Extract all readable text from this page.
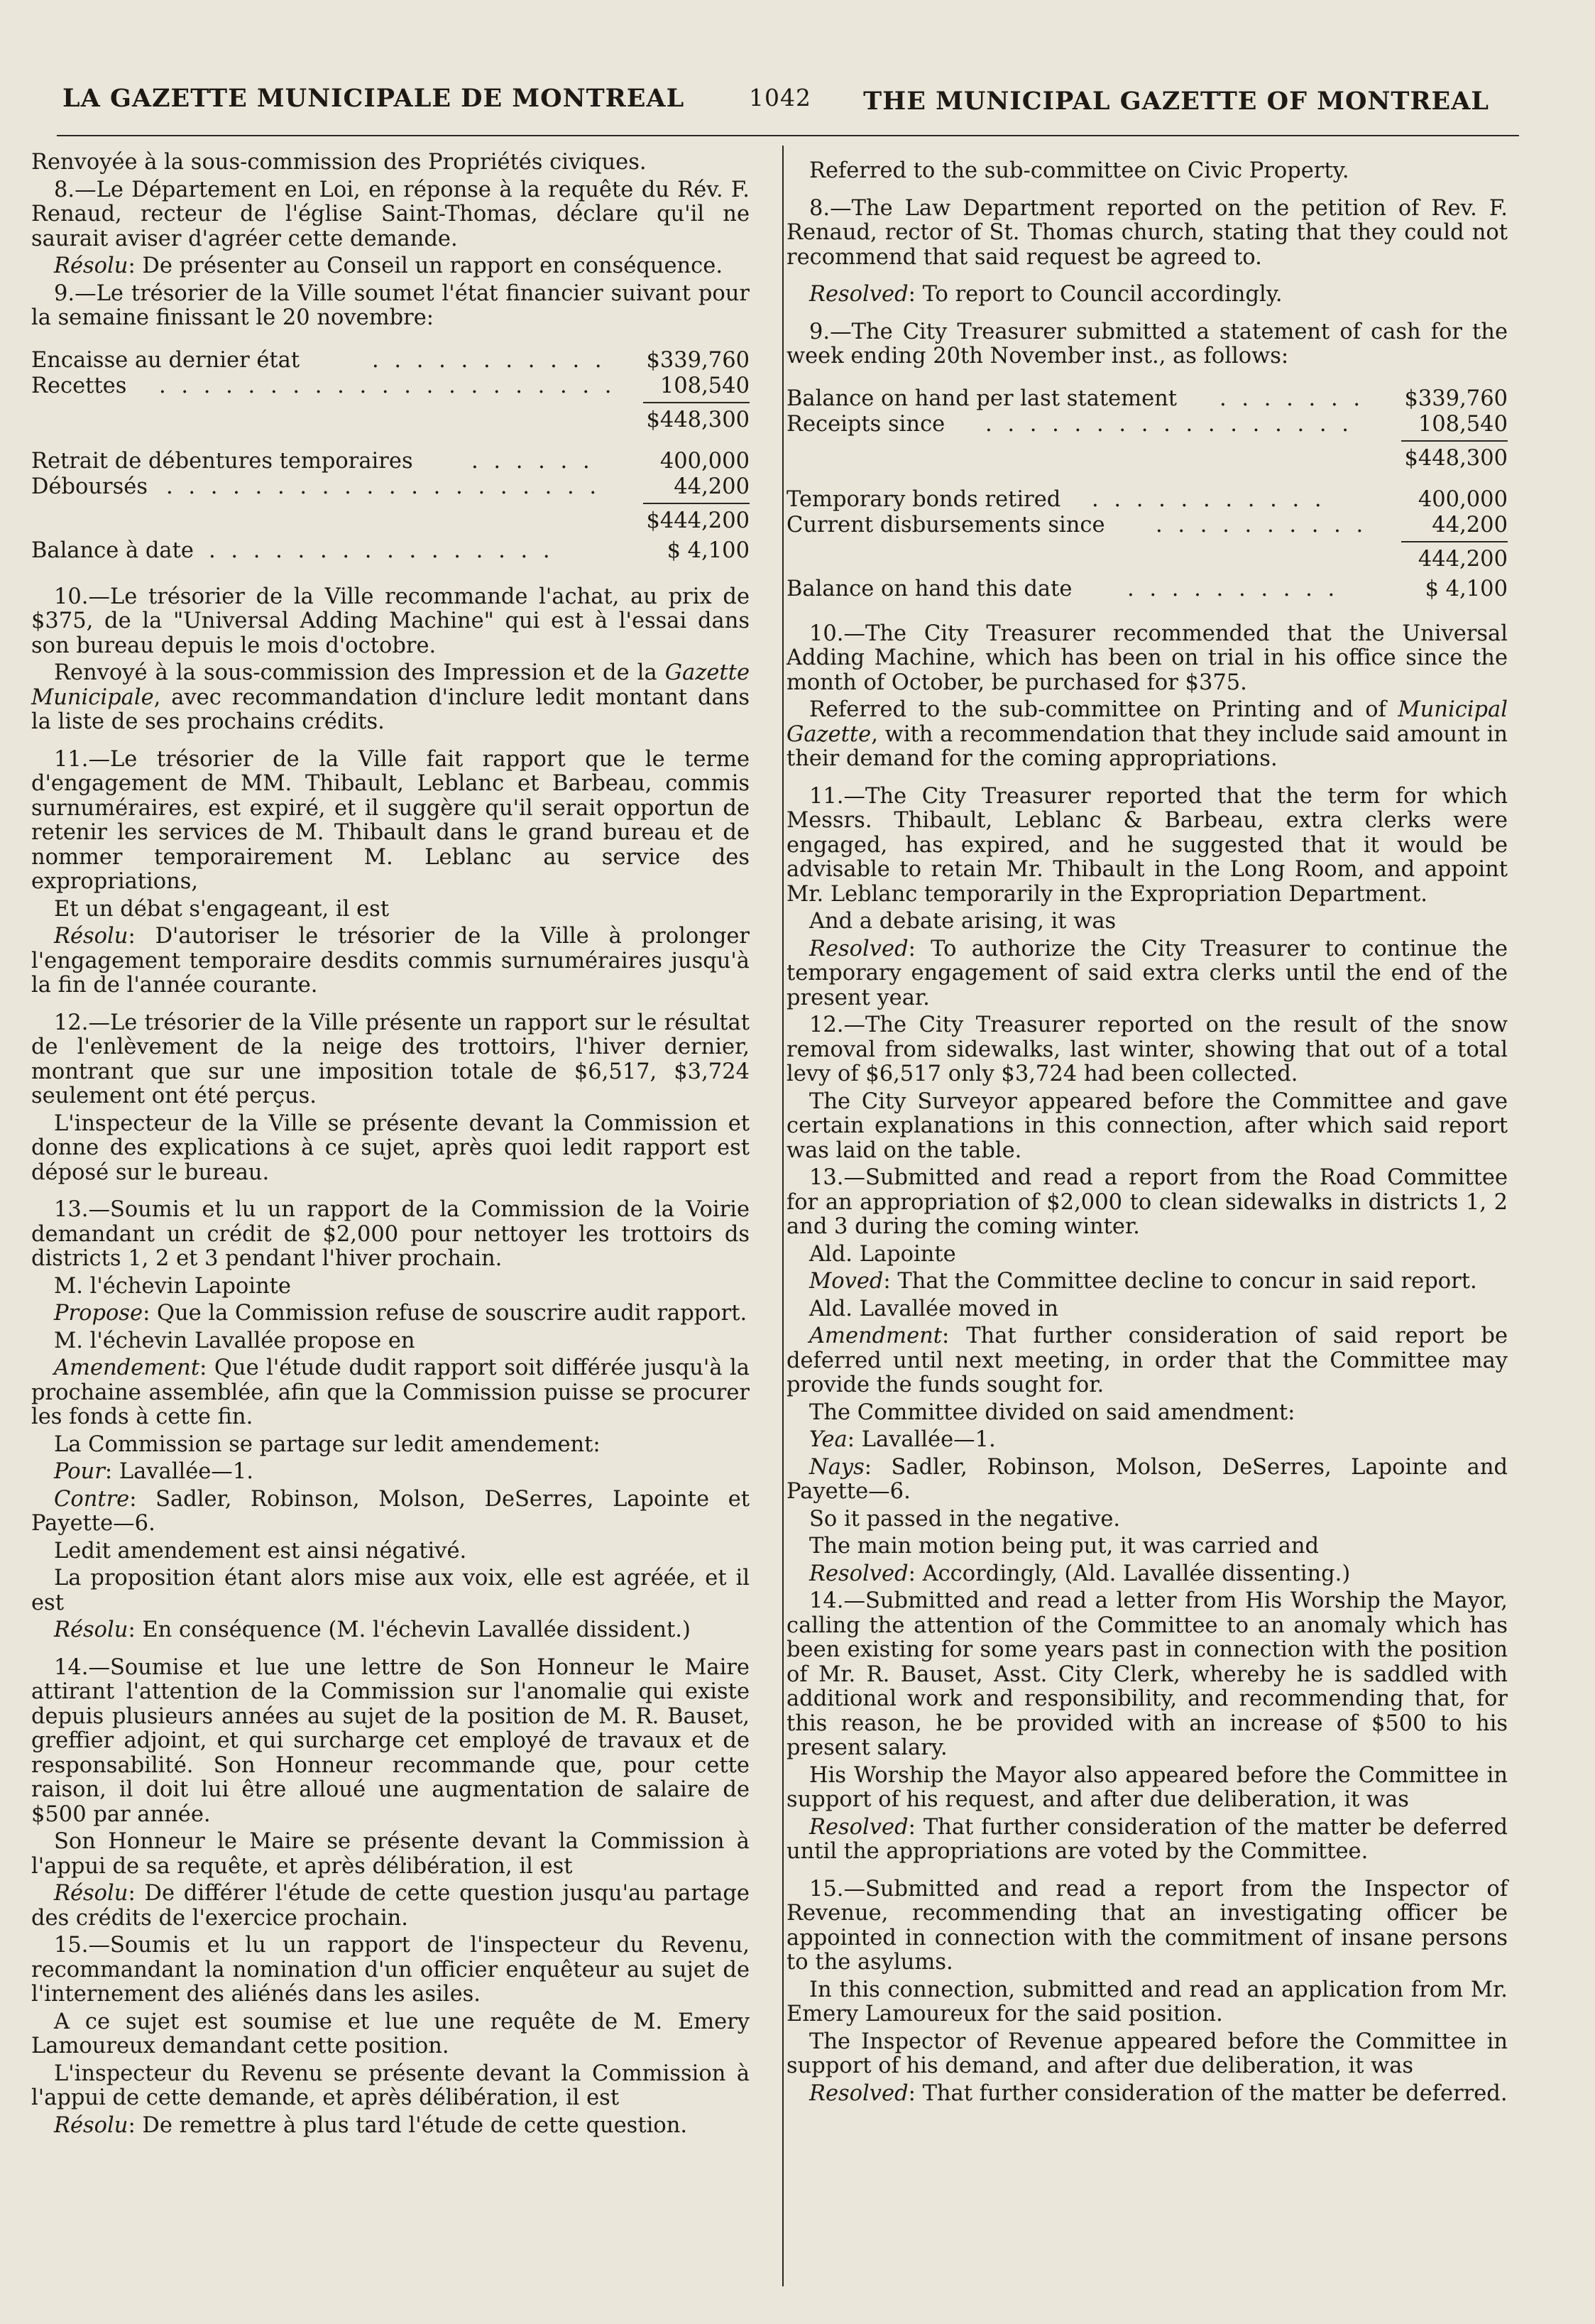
LA GAZETTE MUNICIPALE DE MONTREAL	1042 THE MUNICIPAL GAZETTE OF MONTREAL

Renvoyée à la sous-commission des Propriétés civiques.

8.—Le Département en Loi, en réponse à la requête du Rév. F. Renaud, recteur de l'église Saint-Thomas, déclare qu'il ne saurait aviser d'agréer cette demande.

Résolu: De présenter au Conseil un rapport en conséquence.

9.—Le trésorier de la Ville soumet l'état financier suivant pour la semaine finissant le 20 novembre:

Encaisse au dernier état	. . . . . . . . . . .	$339,760
Recettes . . . . . . . . . . . . . . . . . . . . .	108,540
$448,300
Retrait de débentures temporaires	. . . . . .	400,000
Déboursés . . . . . . . . . . . . . . . . . . . .	44,200
$444,200
Balance à date . . . . . . . . . . . . . . . .	$ 4,100

10.—Le trésorier de la Ville recommande l'achat, au prix de $375, de la "Universal Adding Machine" qui est à l'essai dans son bureau depuis le mois d'octobre.

Renvoyé à la sous-commission des Impression et de la Gazette Municipale, avec recommandation d'inclure ledit montant dans la liste de ses prochains crédits.

11.—Le trésorier de la Ville fait rapport que le terme d'engagement de MM. Thibault, Leblanc et Barbeau, commis surnuméraires, est expiré, et il suggère qu'il serait opportun de retenir les services de M. Thibault dans le grand bureau et de nommer temporairement M. Leblanc au service des expropriations,

Et un débat s'engageant, il est

Résolu: D'autoriser le trésorier de la Ville à prolonger l'engagement temporaire desdits commis surnuméraires jusqu'à la fin de l'année courante.

12.—Le trésorier de la Ville présente un rapport sur le résultat de l'enlèvement de la neige des trottoirs, l'hiver dernier, montrant que sur une imposition totale de $6,517, $3,724 seulement ont été perçus.

L'inspecteur de la Ville se présente devant la Commission et donne des explications à ce sujet, après quoi ledit rapport est déposé sur le bureau.

13.—Soumis et lu un rapport de la Commission de la Voirie demandant un crédit de $2,000 pour nettoyer les trottoirs ds districts 1, 2 et 3 pendant l'hiver prochain.

M. l'échevin Lapointe

Propose: Que la Commission refuse de souscrire audit rapport.

M. l'échevin Lavallée propose en

Amendement: Que l'étude dudit rapport soit différée jusqu'à la prochaine assemblée, afin que la Commission puisse se procurer les fonds à cette fin.

La Commission se partage sur ledit amendement:

Pour: Lavallée—1.

Contre: Sadler, Robinson, Molson, DeSerres, Lapointe et Payette—6.

Ledit amendement est ainsi négativé.

La proposition étant alors mise aux voix, elle est agréée, et il est

Résolu: En conséquence (M. l'échevin Lavallée dissident.)

14.—Soumise et lue une lettre de Son Honneur le Maire attirant l'attention de la Commission sur l'anomalie qui existe depuis plusieurs années au sujet de la position de M. R. Bauset, greffier adjoint, et qui surcharge cet employé de travaux et de responsabilité. Son Honneur recommande que, pour cette raison, il doit lui être alloué une augmentation de salaire de $500 par année.

Son Honneur le Maire se présente devant la Commission à l'appui de sa requête, et après délibération, il est

Résolu: De différer l'étude de cette question jusqu'au partage des crédits de l'exercice prochain.

15.—Soumis et lu un rapport de l'inspecteur du Revenu, recommandant la nomination d'un officier enquêteur au sujet de l'internement des aliénés dans les asiles.

A ce sujet est soumise et lue une requête de M. Emery Lamoureux demandant cette position.

L'inspecteur du Revenu se présente devant la Commission à l'appui de cette demande, et après délibération, il est

Résolu: De remettre à plus tard l'étude de cette question.

Referred to the sub-committee on Civic Property.

8.—The Law Department reported on the petition of Rev. F. Renaud, rector of St. Thomas church, stating that they could not recommend that said request be agreed to.

Resolved: To report to Council accordingly.

9.—The City Treasurer submitted a statement of cash for the week ending 20th November inst., as follows:

Balance on hand per last statement . . . . . . .	$339,760
Receipts since . . . . . . . . . . . . . . . . .	108,540
$448,300
Temporary bonds retired . . . . . . . . . . .	400,000
Current disbursements since . . . . . . . . . .	44,200
444,200
Balance on hand this date	. . . . . . . . . .	$ 4,100

10.—The City Treasurer recommended that the Universal Adding Machine, which has been on trial in his office since the month of October, be purchased for $375.

Referred to the sub-committee on Printing and of Municipal Gazette, with a recommendation that they include said amount in their demand for the coming appropriations.

11.—The City Treasurer reported that the term for which Messrs. Thibault, Leblanc & Barbeau, extra clerks were engaged, has expired, and he suggested that it would be advisable to retain Mr. Thibault in the Long Room, and appoint Mr. Leblanc temporarily in the Expropriation Department.

And a debate arising, it was

Resolved: To authorize the City Treasurer to continue the temporary engagement of said extra clerks until the end of the present year.

12.—The City Treasurer reported on the result of the snow removal from sidewalks, last winter, showing that out of a total levy of $6,517 only $3,724 had been collected.

The City Surveyor appeared before the Committee and gave certain explanations in this connection, after which said report was laid on the table.

13.—Submitted and read a report from the Road Committee for an appropriation of $2,000 to clean sidewalks in districts 1, 2 and 3 during the coming winter.

Ald. Lapointe

Moved: That the Committee decline to concur in said report.

Ald. Lavallée moved in

Amendment: That further consideration of said report be deferred until next meeting, in order that the Committee may provide the funds sought for.

The Committee divided on said amendment:

Yea: Lavallée—1.

Nays: Sadler, Robinson, Molson, DeSerres, Lapointe and Payette—6.

So it passed in the negative.

The main motion being put, it was carried and

Resolved: Accordingly, (Ald. Lavallée dissenting.)

14.—Submitted and read a letter from His Worship the Mayor, calling the attention of the Committee to an anomaly which has been existing for some years past in connection with the position of Mr. R. Bauset, Asst. City Clerk, whereby he is saddled with additional work and responsibility, and recommending that, for this reason, he be provided with an increase of $500 to his present salary.

His Worship the Mayor also appeared before the Committee in support of his request, and after due deliberation, it was

Resolved: That further consideration of the matter be deferred until the appropriations are voted by the Committee.

15.—Submitted and read a report from the Inspector of Revenue, recommending that an investigating officer be appointed in connection with the commitment of insane persons to the asylums.

In this connection, submitted and read an application from Mr. Emery Lamoureux for the said position.

The Inspector of Revenue appeared before the Committee in support of his demand, and after due deliberation, it was

Resolved: That further consideration of the matter be deferred.
